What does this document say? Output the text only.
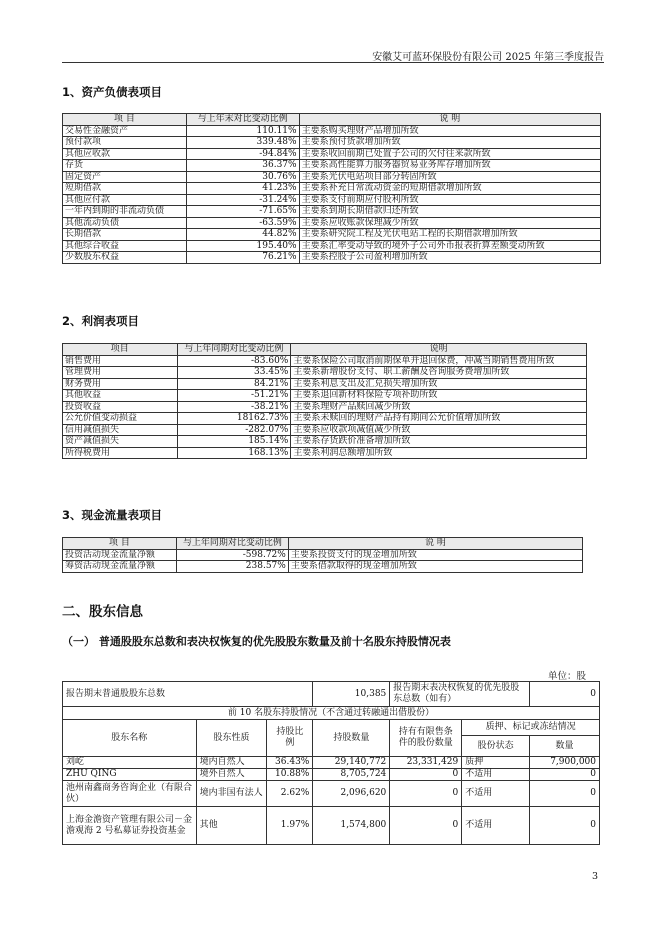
安徽艾可蓝环保股份有限公司 2025 年第三季度报告
1、资产负债表项目
项 目	与上年末对比变动比例	说 明
交易性金融资产	110.11%	主要系购买理财产品增加所致
预付款项	339.48%	主要系预付货款增加所致
其他应收款	-94.84%	主要系收回前期已处置子公司的欠付往来款所致
存货	36.37%	主要系高性能算力服务器贸易业务库存增加所致
固定资产	30.76%	主要系光伏电站项目部分转固所致
短期借款	41.23%	主要系补充日常流动资金的短期借款增加所致
其他应付款	-31.24%	主要系支付前期应付股利所致
一年内到期的非流动负债	-71.65%	主要系到期长期借款归还所致
其他流动负债	-63.59%	主要系应收账款保理减少所致
长期借款	44.82%	主要系研究院工程及光伏电站工程的长期借款增加所致
其他综合收益	195.40%	主要系汇率变动导致的境外子公司外币报表折算差额变动所致
少数股东权益	76.21%	主要系控股子公司盈利增加所致
2、利润表项目
项目	与上年同期对比变动比例	说明
销售费用	-83.60%	主要系保险公司取消前期保单并退回保费，冲减当期销售费用所致
管理费用	33.45%	主要系新增股份支付、职工薪酬及咨询服务费增加所致
财务费用	84.21%	主要系利息支出及汇兑损失增加所致
其他收益	-51.21%	主要系退回新材料保险专项补助所致
投资收益	-38.21%	主要系理财产品赎回减少所致
公允价值变动损益	18162.73%	主要系未赎回的理财产品持有期间公允价值增加所致
信用减值损失	-282.07%	主要系应收款项减值减少所致
资产减值损失	185.14%	主要系存货跌价准备增加所致
所得税费用	168.13%	主要系利润总额增加所致
3、现金流量表项目
项 目	与上年同期对比变动比例	说 明
投资活动现金流量净额	-598.72%	主要系投资支付的现金增加所致
筹资活动现金流量净额	238.57%	主要系借款取得的现金增加所致
二、股东信息
（一） 普通股股东总数和表决权恢复的优先股股东数量及前十名股东持股情况表
单位：股
报告期末普通股股东总数			10,385	报告期末表决权恢复的优先股股东总数（如有）		0
前 10 名股东持股情况（不含通过转融通出借股份）						
股东名称	股东性质	持股比例	持股数量	持有有限售条件的股份数量	质押、标记或冻结情况	
					股份状态	数量
刘屹	境内自然人	36.43%	29,140,772	23,331,429	质押	7,900,000
ZHU QING	境外自然人	10.88%	8,705,724	0	不适用	0
池州南鑫商务咨询企业（有限合伙）	境内非国有法人	2.62%	2,096,620	0	不适用	0
上海金澹资产管理有限公司－金澹观海 2 号私募证券投资基金	其他	1.97%	1,574,800	0	不适用	0
3
